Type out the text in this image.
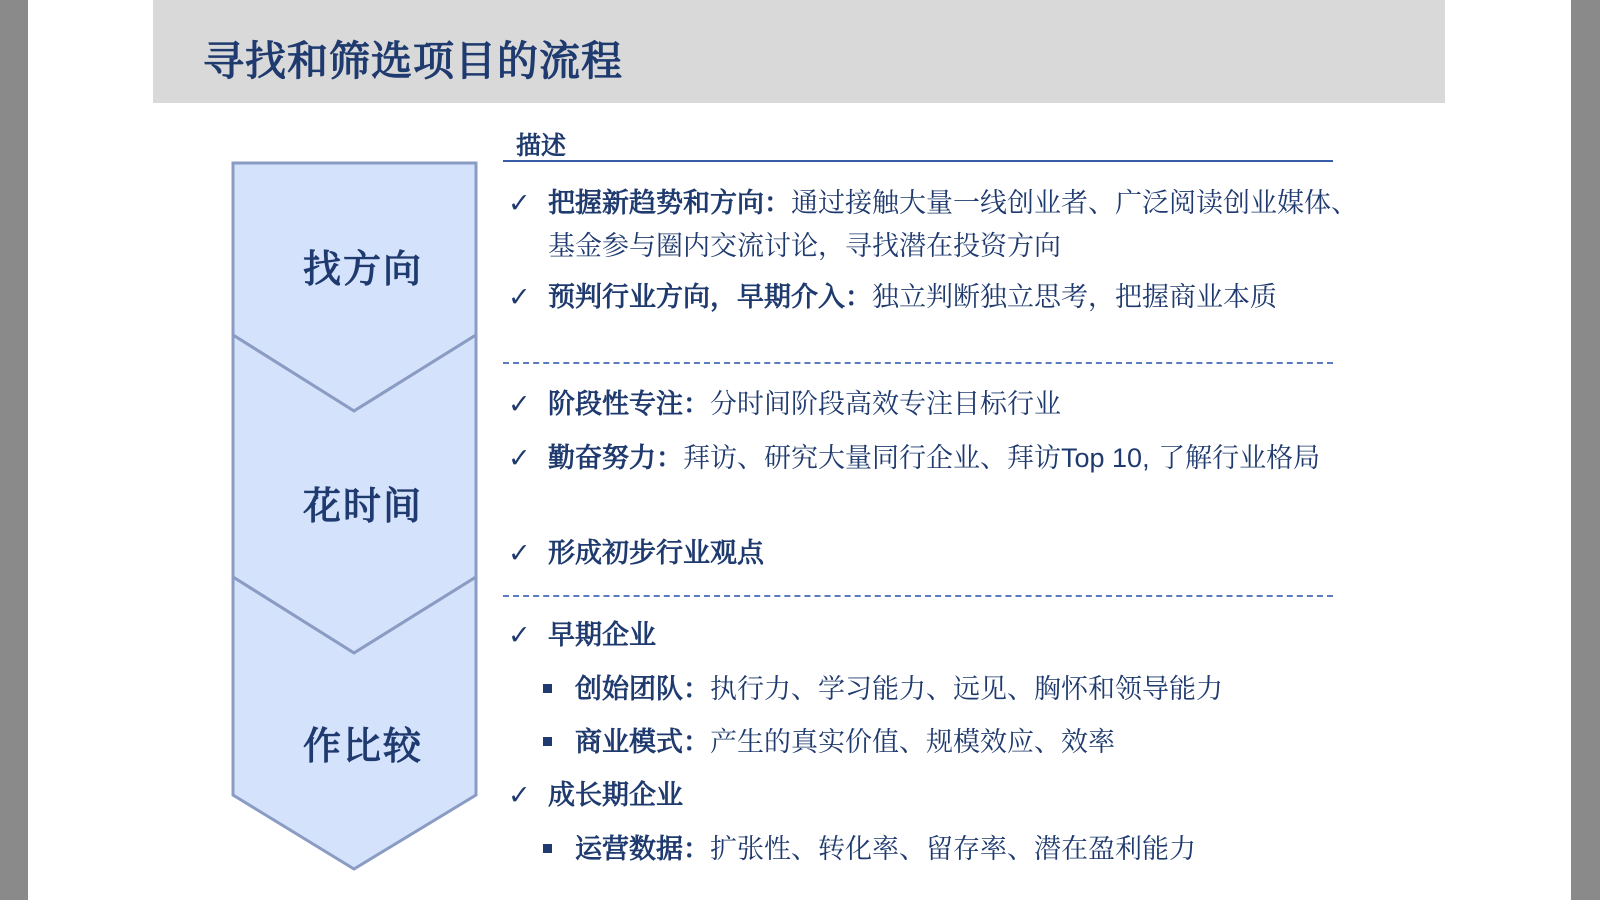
寻找和筛选项目的流程
找方向
花时间
作比较
描述
✓ 把握新趋势和方向：通过接触大量一线创业者、广泛阅读创业媒体、基金参与圈内交流讨论，寻找潜在投资方向
✓ 预判行业方向，早期介入：独立判断独立思考，把握商业本质
✓ 阶段性专注：分时间阶段高效专注目标行业
✓ 勤奋努力：拜访、研究大量同行企业、拜访Top 10, 了解行业格局
✓ 形成初步行业观点
✓ 早期企业
创始团队：执行力、学习能力、远见、胸怀和领导能力
商业模式：产生的真实价值、规模效应、效率
✓ 成长期企业
运营数据：扩张性、转化率、留存率、潜在盈利能力
